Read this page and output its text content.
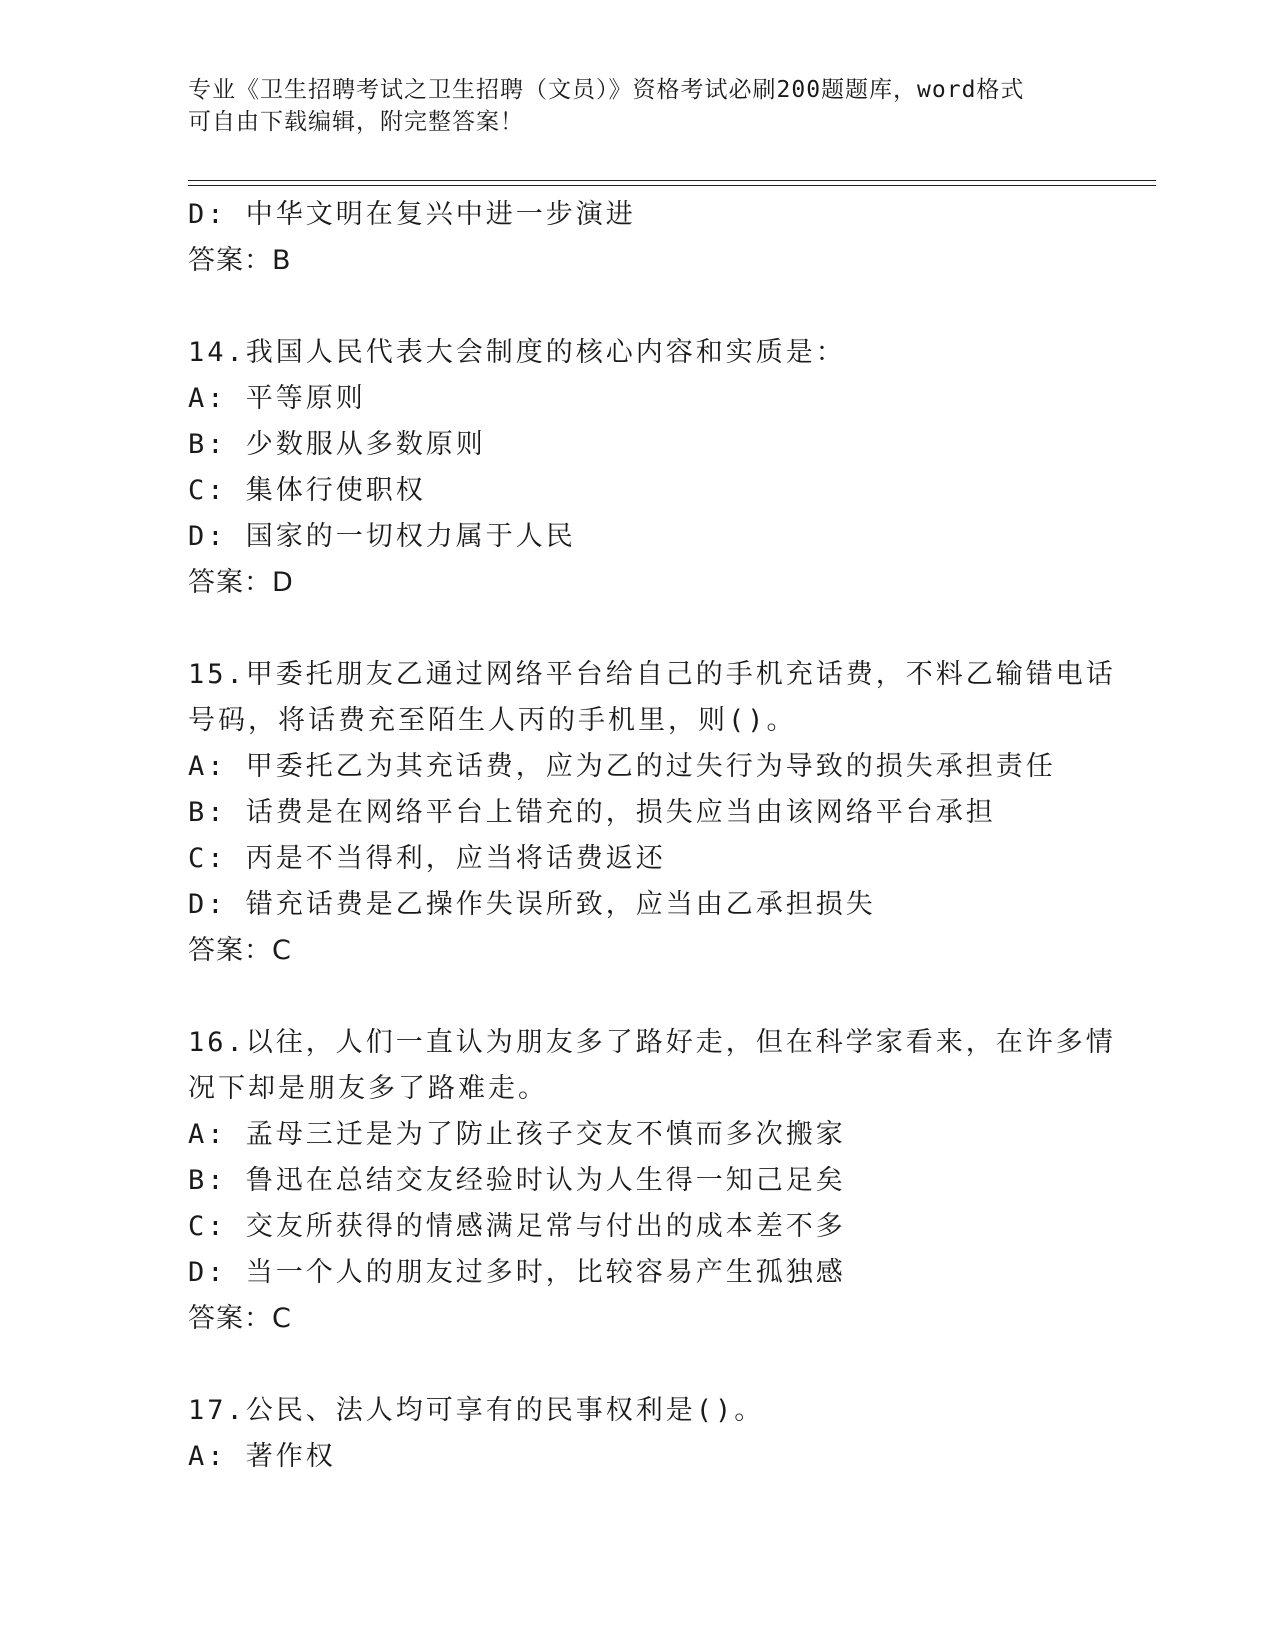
专业《卫生招聘考试之卫生招聘（文员）》资格考试必刷200题题库，word格式
可自由下载编辑，附完整答案！
D: 中华文明在复兴中进一步演进
答案：B
14.我国人民代表大会制度的核心内容和实质是：
A: 平等原则
B: 少数服从多数原则
C: 集体行使职权
D: 国家的一切权力属于人民
答案：D
15.甲委托朋友乙通过网络平台给自己的手机充话费，不料乙输错电话
号码，将话费充至陌生人丙的手机里，则()。
A: 甲委托乙为其充话费，应为乙的过失行为导致的损失承担责任
B: 话费是在网络平台上错充的，损失应当由该网络平台承担
C: 丙是不当得利，应当将话费返还
D: 错充话费是乙操作失误所致，应当由乙承担损失
答案：C
16.以往，人们一直认为朋友多了路好走，但在科学家看来，在许多情
况下却是朋友多了路难走。
A: 孟母三迁是为了防止孩子交友不慎而多次搬家
B: 鲁迅在总结交友经验时认为人生得一知己足矣
C: 交友所获得的情感满足常与付出的成本差不多
D: 当一个人的朋友过多时，比较容易产生孤独感
答案：C
17.公民、法人均可享有的民事权利是()。
A: 著作权
